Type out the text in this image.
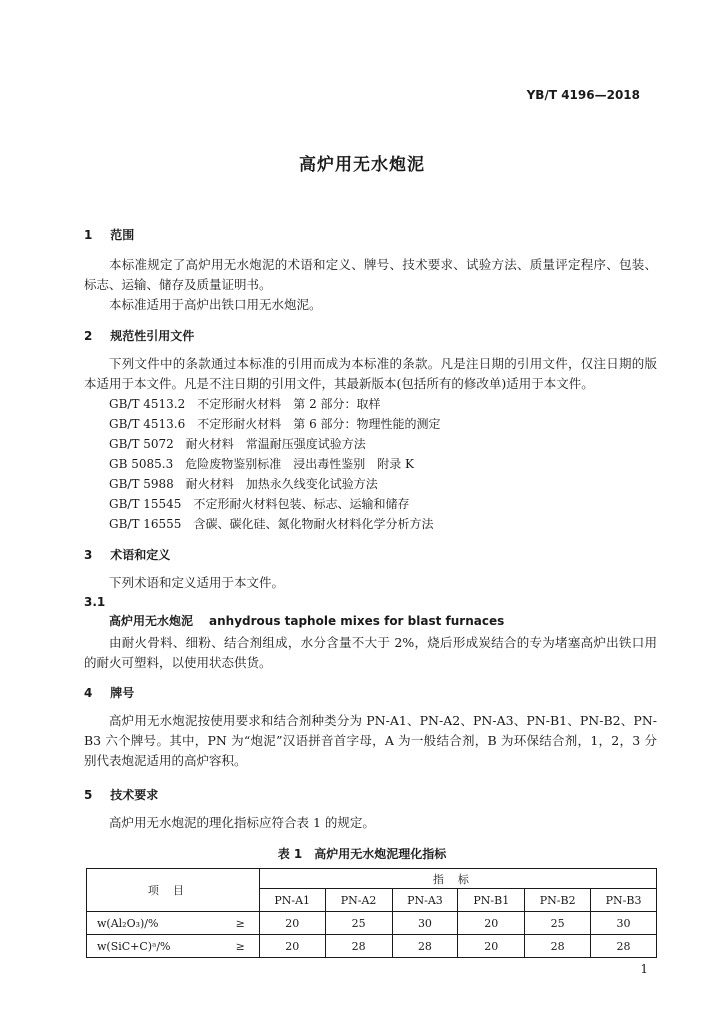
YB/T 4196—2018
高炉用无水炮泥
1 范围
本标准规定了高炉用无水炮泥的术语和定义、牌号、技术要求、试验方法、质量评定程序、包装、标志、运输、储存及质量证明书。
本标准适用于高炉出铁口用无水炮泥。
2 规范性引用文件
下列文件中的条款通过本标准的引用而成为本标准的条款。凡是注日期的引用文件，仅注日期的版本适用于本文件。凡是不注日期的引用文件，其最新版本(包括所有的修改单)适用于本文件。
GB/T 4513.2　不定形耐火材料　第 2 部分：取样
GB/T 4513.6　不定形耐火材料　第 6 部分：物理性能的测定
GB/T 5072　耐火材料　常温耐压强度试验方法
GB 5085.3　危险废物鉴别标准　浸出毒性鉴别　附录 K
GB/T 5988　耐火材料　加热永久线变化试验方法
GB/T 15545　不定形耐火材料包装、标志、运输和储存
GB/T 16555　含碳、碳化硅、氮化物耐火材料化学分析方法
3 术语和定义
下列术语和定义适用于本文件。
3.1
高炉用无水炮泥 anhydrous taphole mixes for blast furnaces
由耐火骨料、细粉、结合剂组成，水分含量不大于 2%，烧后形成炭结合的专为堵塞高炉出铁口用的耐火可塑料，以使用状态供货。
4 牌号
高炉用无水炮泥按使用要求和结合剂种类分为 PN-A1、PN-A2、PN-A3、PN-B1、PN-B2、PN-B3 六个牌号。其中，PN 为“炮泥”汉语拼音首字母，A 为一般结合剂，B 为环保结合剂，1，2，3 分别代表炮泥适用的高炉容积。
5 技术要求
高炉用无水炮泥的理化指标应符合表 1 的规定。
表 1　高炉用无水炮泥理化指标
项目	指标					
	PN-A1	PN-A2	PN-A3	PN-B1	PN-B2	PN-B3

w(Al₂O₃)/% ≥	20	25	30	20	25	30

w(SiC+C)ᵃ/% ≥	20	28	28	20	28	28
1
